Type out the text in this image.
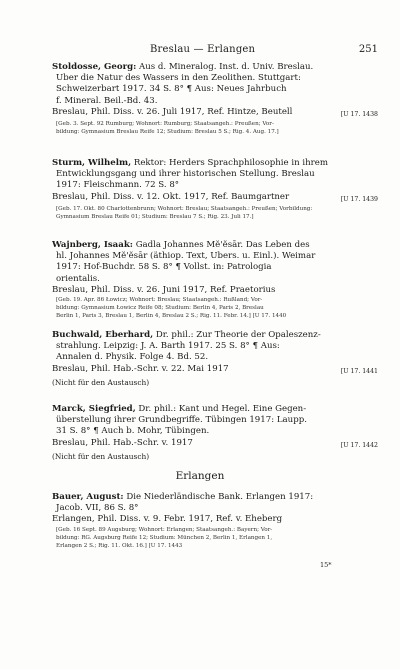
Breslau — Erlangen	251
Stoldosse, Georg: Aus d. Mineralog. Inst. d. Univ. Breslau.
Über die Natur des Wassers in den Zeolithen. Stuttgart:
Schweizerbart 1917. 34 S. 8° ¶ Aus: Neues Jahrbuch
f. Mineral. Beil.-Bd. 43.
Breslau, Phil. Diss. v. 26. Juli 1917, Ref. Hintze, Beutell	[U 17. 1438
[Geb. 3. Sept. 92 Rumburg; Wohnort: Rumburg; Staatsangeh.: Preußen; Vor-
bildung: Gymnasium Breslau Reife 12; Studium: Breslau 5 S.; Rig. 4. Aug. 17.]
Sturm, Wilhelm, Rektor: Herders Sprachphilosophie in ihrem
Entwicklungsgang und ihrer historischen Stellung. Breslau
1917: Fleischmann. 72 S. 8°
Breslau, Phil. Diss. v. 12. Okt. 1917, Ref. Baumgartner	[U 17. 1439
[Geb. 17. Okt. 80 Charlottenbrunn; Wohnort: Breslau; Staatsangeh.: Preußen; Vorbildung:
Gymnasium Breslau Reife 01; Studium: Breslau 7 S.; Rig. 23. Juli 17.]
Wajnberg, Isaak: Gadla Johannes Mĕ'ĕsār. Das Leben des
hl. Johannes Mĕ'ĕsār (äthiop. Text, Übers. u. Einl.). Weimar
1917: Hof-Buchdr. 58 S. 8° ¶ Vollst. in: Patrologia
orientalis.
Breslau, Phil. Diss. v. 26. Juni 1917, Ref. Praetorius
[Geb. 19. Apr. 86 Łowicz; Wohnort: Breslau; Staatsangeh.: Rußland; Vor-
bildung: Gymnasium Łowicz Reife 08; Studium: Berlin 4, Paris 2, Breslau
Berlin 1, Paris 3, Breslau 1, Berlin 4, Breslau 2 S.; Rig. 11. Febr. 14.] [U 17. 1440
Buchwald, Eberhard, Dr. phil.: Zur Theorie der Opaleszenz-
strahlung. Leipzig: J. A. Barth 1917. 25 S. 8° ¶ Aus:
Annalen d. Physik. Folge 4. Bd. 52.
Breslau, Phil. Hab.-Schr. v. 22. Mai 1917	[U 17. 1441
(Nicht für den Austausch)
Marck, Siegfried, Dr. phil.: Kant und Hegel. Eine Gegen-
überstellung ihrer Grundbegriffe. Tübingen 1917: Laupp.
31 S. 8° ¶ Auch b. Mohr, Tübingen.
Breslau, Phil. Hab.-Schr. v. 1917	[U 17. 1442
(Nicht für den Austausch)
Erlangen
Bauer, August: Die Niederländische Bank. Erlangen 1917:
Jacob. VII, 86 S. 8°
Erlangen, Phil. Diss. v. 9. Febr. 1917, Ref. v. Eheberg
[Geb. 16 Sept. 89 Augsburg; Wohnort: Erlangen; Staatsangeh.: Bayern; Vor-
bildung: RG. Augsburg Reife 12; Studium: München 2, Berlin 1, Erlangen 1,
Erlangen 2 S.; Rig. 11. Okt. 16.] [U 17. 1443
15*
